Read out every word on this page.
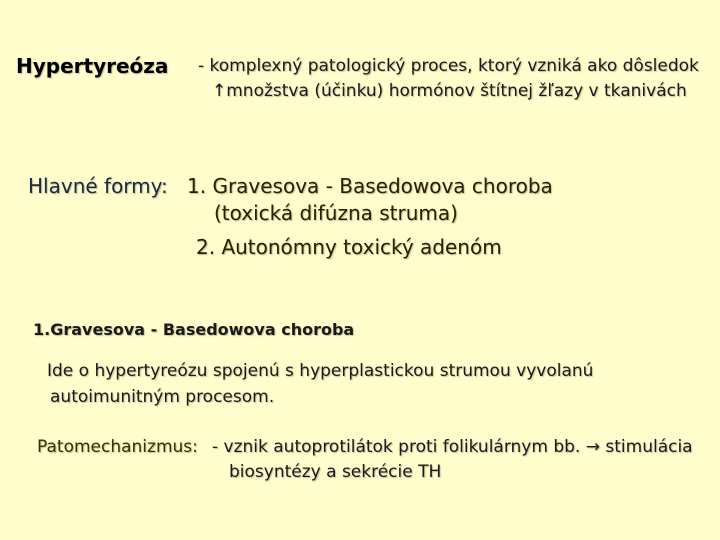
Hypertyreóza - komplexný patologický proces, ktorý vzniká ako dôsledok
↑množstva (účinku) hormónov štítnej žľazy v tkanivách
Hlavné formy: 1. Gravesova - Basedowova choroba
(toxická difúzna struma)
2. Autonómny toxický adenóm
1.Gravesova - Basedowova choroba
Ide o hypertyreózu spojenú s hyperplastickou strumou vyvolanú
autoimunitným procesom.
Patomechanizmus: - vznik autoprotilátok proti folikulárnym bb. → stimulácia
biosyntézy a sekrécie TH
